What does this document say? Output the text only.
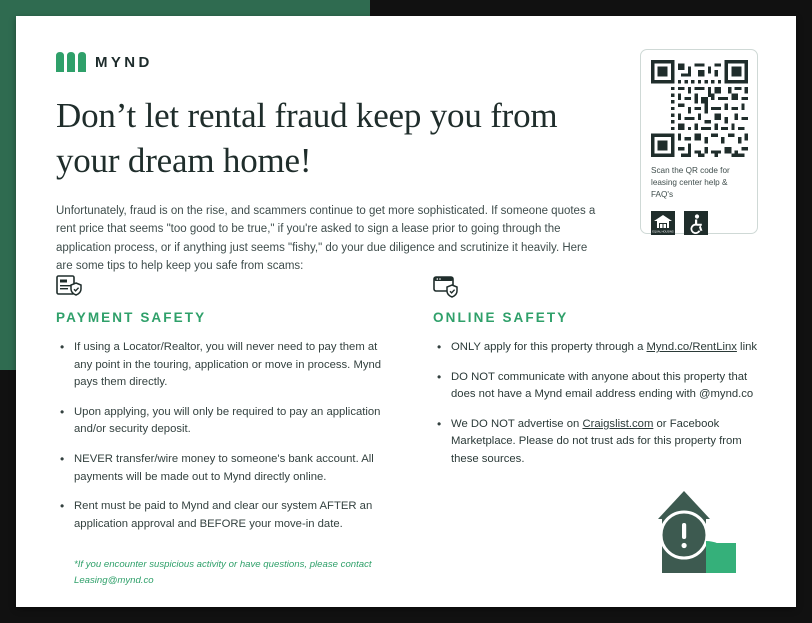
MYND
Don’t let rental fraud keep you from your dream home!

Unfortunately, fraud is on the rise, and scammers continue to get more sophisticated. If someone quotes a rent price that seems "too good to be true," if you're asked to sign a lease prior to going through the application process, or if anything just seems "fishy," do your due diligence and scrutinize it heavily. Here are some tips to help keep you safe from scams:

Scan the QR code for leasing center help & FAQ's
EQUAL HOUSING
PAYMENT SAFETY
• If using a Locator/Realtor, you will never need to pay them at any point in the touring, application or move in process. Mynd pays them directly.
• Upon applying, you will only be required to pay an application and/or security deposit.
• NEVER transfer/wire money to someone's bank account. All payments will be made out to Mynd directly online.
• Rent must be paid to Mynd and clear our system AFTER an application approval and BEFORE your move-in date.
*If you encounter suspicious activity or have questions, please contact Leasing@mynd.co
ONLINE SAFETY
• ONLY apply for this property through a Mynd.co/RentLinx link
• DO NOT communicate with anyone about this property that does not have a Mynd email address ending with @mynd.co
• We DO NOT advertise on Craigslist.com or Facebook Marketplace. Please do not trust ads for this property from these sources.
